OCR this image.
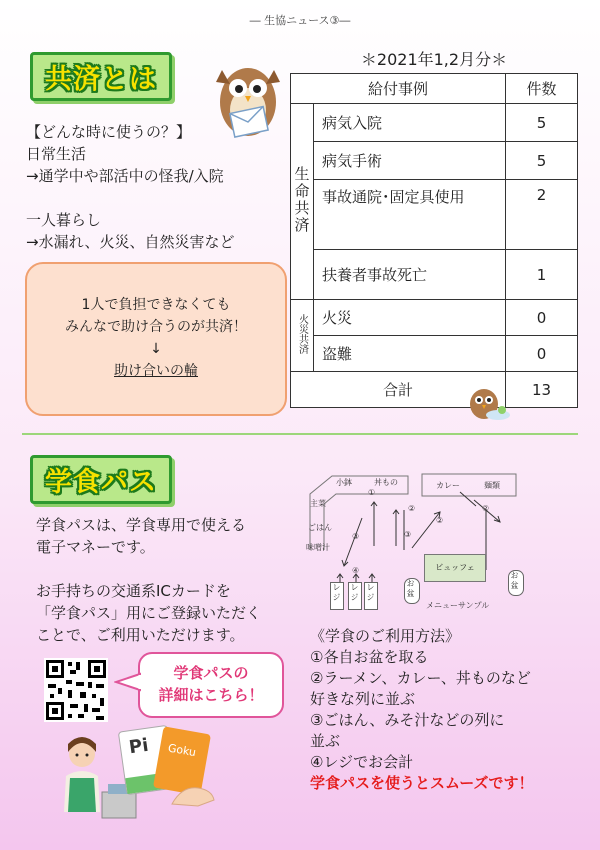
― 生協ニュース③―
共済とは
【どんな時に使うの？】
日常生活
→通学中や部活中の怪我/入院
一人暮らし
→水漏れ、火災、自然災害など
1人で負担できなくても
みんなで助け合うのが共済！
↓
助け合いの輪
＊2021年1,2月分＊
給付事例		件数
生命共済	病気入院	5
	病気手術	5
	事故通院･固定具使用	2
	扶養者事故死亡	1
火災共済	火災	0
	盗難	0
合計		13
学食パス
学食パスは、学食専用で使える
電子マネーです。
お手持ちの交通系ICカードを
「学食パス」用にご登録いただく
ことで、ご利用いただけます。
学食パスの
詳細はこちら！
Pi	Goku
小鉢	丼もの	カレー	麺類
主菜
ごはん
味噌汁
①
②
②
②
③	③
④	ビュッフェ
メニューサンプル
レジ レジ レジ	お盆	お盆
《学食のご利用方法》
①各自お盆を取る
②ラーメン、カレー、丼ものなど
好きな列に並ぶ
③ごはん、みそ汁などの列に
並ぶ
④レジでお会計
学食パスを使うとスムーズです！
